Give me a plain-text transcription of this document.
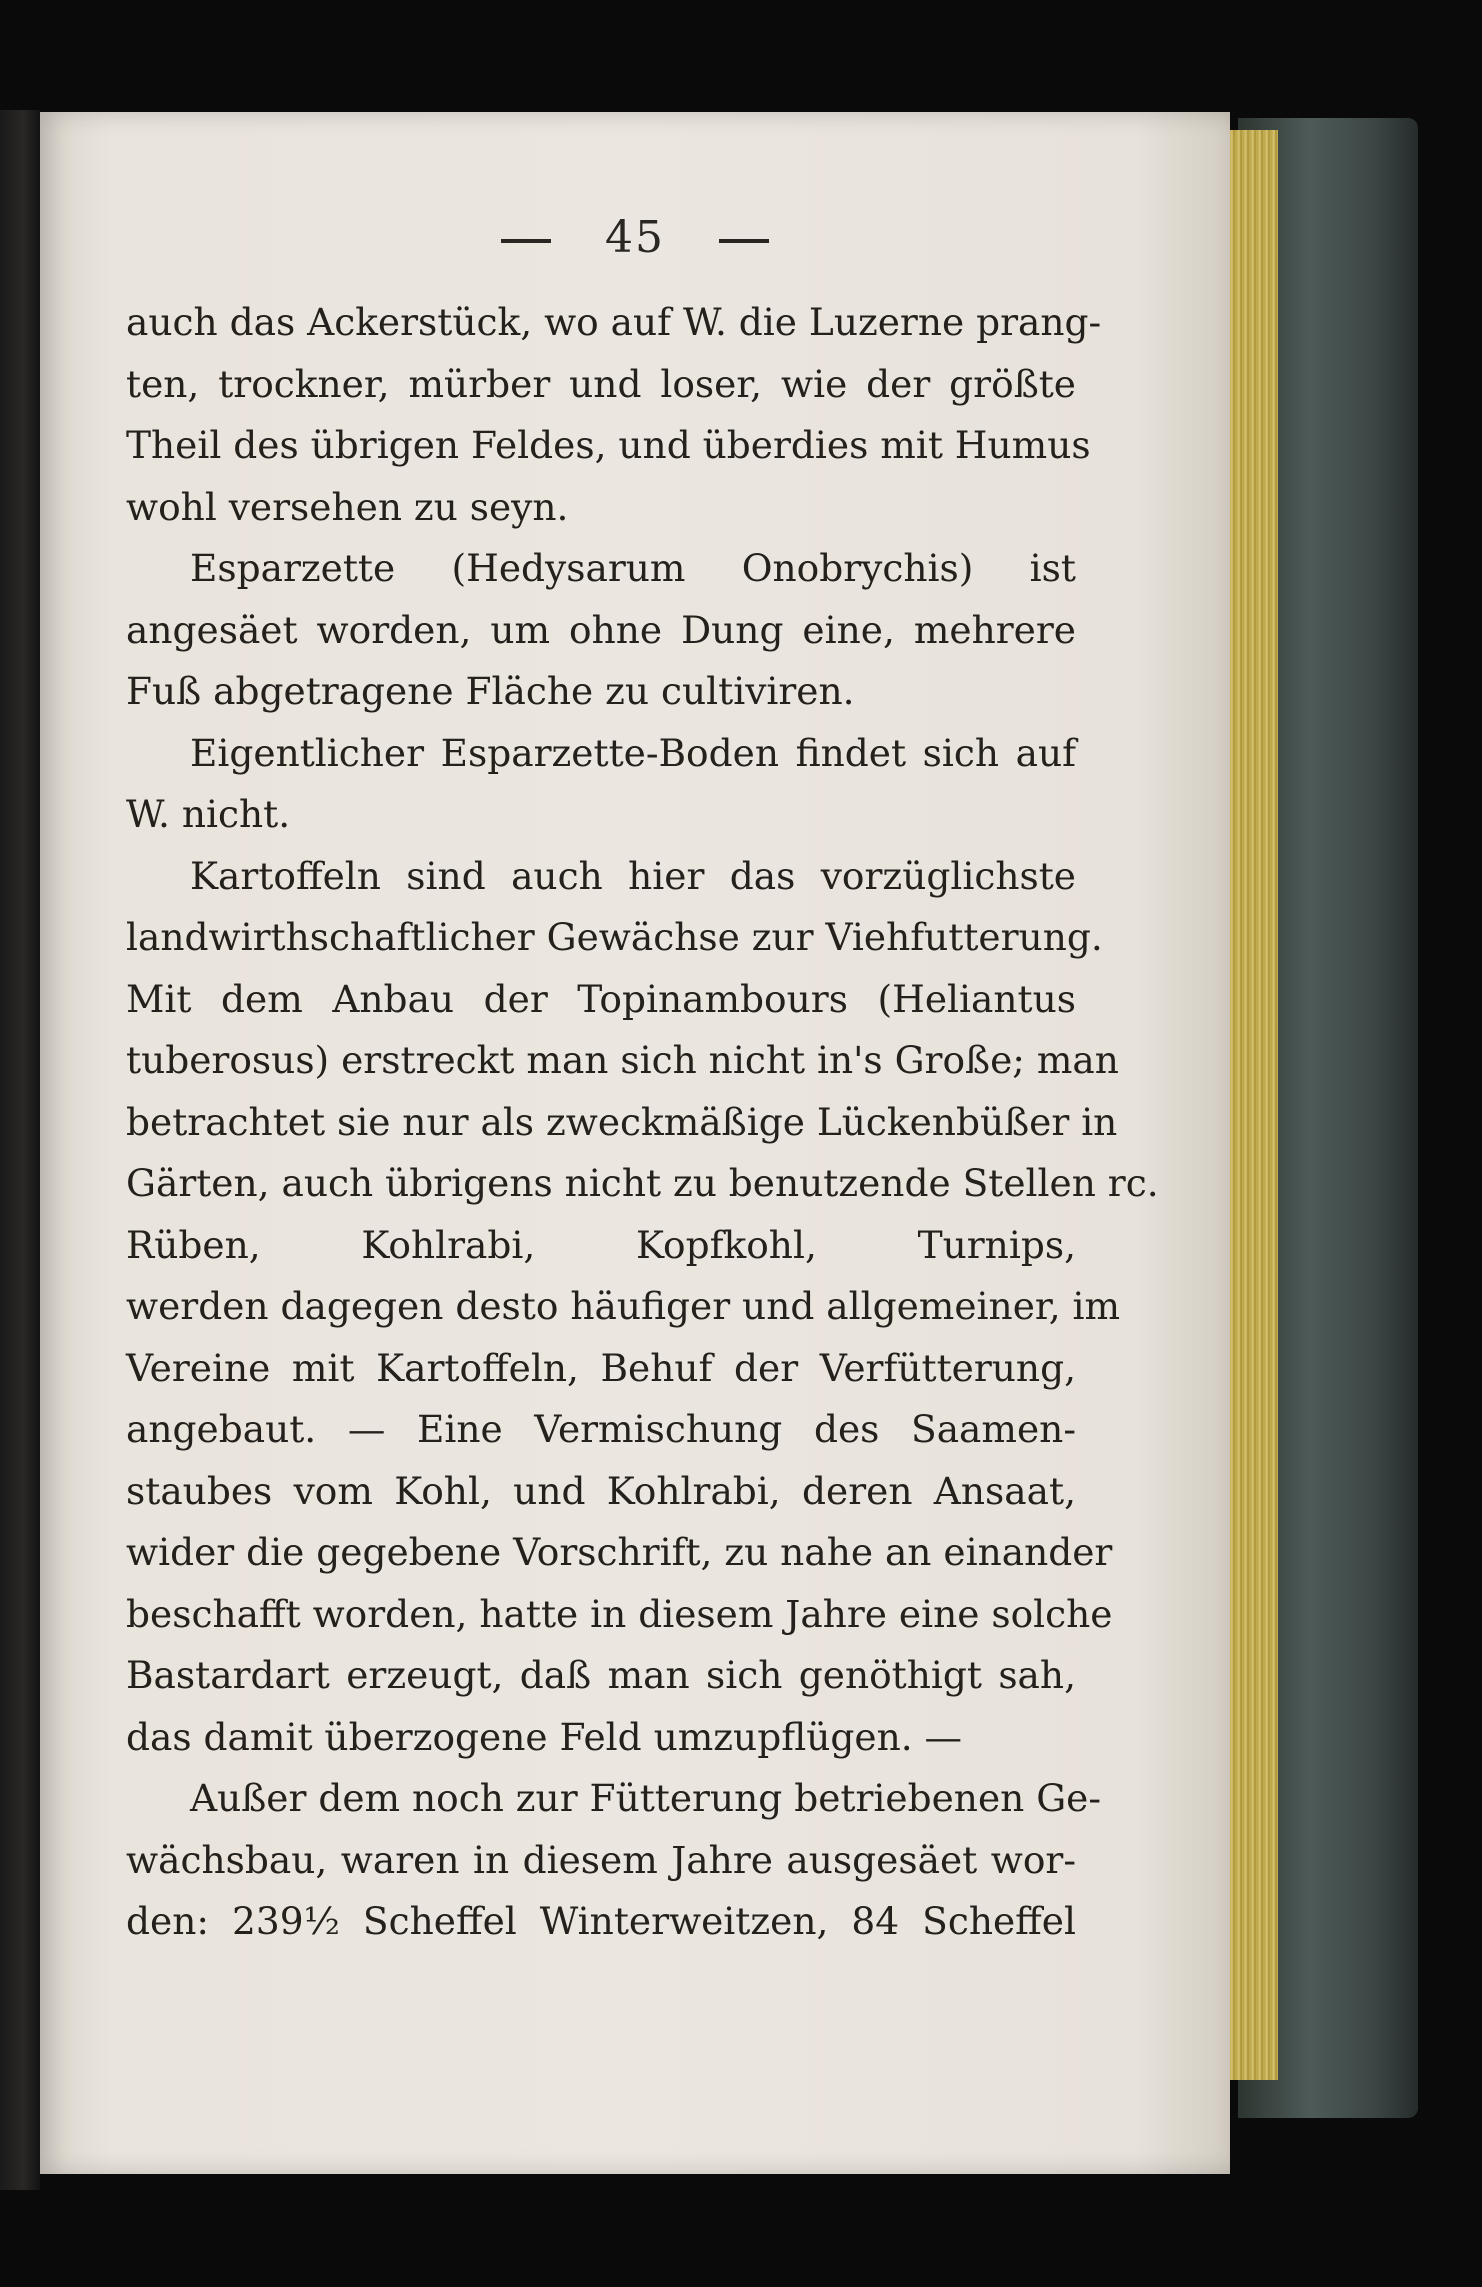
45
auch das Ackerstück, wo auf W. die Luzerne prang-
ten, trockner, mürber und loser, wie der größte
Theil des übrigen Feldes, und überdies mit Humus
wohl versehen zu seyn.
Esparzette (Hedysarum Onobrychis) ist
angesäet worden, um ohne Dung eine, mehrere
Fuß abgetragene Fläche zu cultiviren.
Eigentlicher Esparzette-Boden findet sich auf
W. nicht.
Kartoffeln sind auch hier das vorzüglichste
landwirthschaftlicher Gewächse zur Viehfutterung.
Mit dem Anbau der Topinambours (Heliantus
tuberosus) erstreckt man sich nicht in's Große; man
betrachtet sie nur als zweckmäßige Lückenbüßer in
Gärten, auch übrigens nicht zu benutzende Stellen rc.
Rüben, Kohlrabi, Kopfkohl, Turnips,
werden dagegen desto häufiger und allgemeiner, im
Vereine mit Kartoffeln, Behuf der Verfütterung,
angebaut. — Eine Vermischung des Saamen-
staubes vom Kohl, und Kohlrabi, deren Ansaat,
wider die gegebene Vorschrift, zu nahe an einander
beschafft worden, hatte in diesem Jahre eine solche
Bastardart erzeugt, daß man sich genöthigt sah,
das damit überzogene Feld umzupflügen. —
Außer dem noch zur Fütterung betriebenen Ge-
wächsbau, waren in diesem Jahre ausgesäet wor-
den: 239½ Scheffel Winterweitzen, 84 Scheffel
